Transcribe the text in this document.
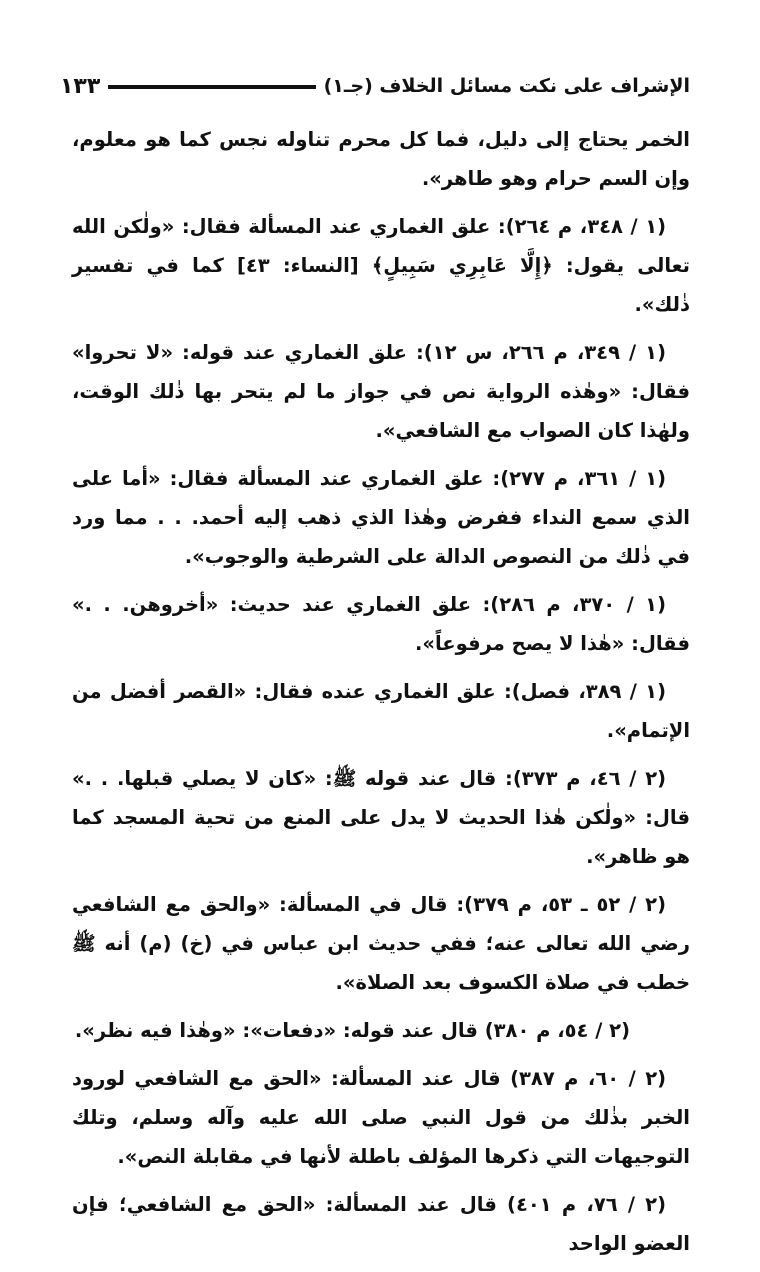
الإشراف على نكت مسائل الخلاف (جـ١)
١٣٣

الخمر يحتاج إلى دليل، فما كل محرم تناوله نجس كما هو معلوم، وإن السم حرام وهو طاهر».

(١ / ٣٤٨، م ٢٦٤): علق الغماري عند المسألة فقال: «ولٰكن الله تعالى يقول: ﴿إِلَّا عَابِرِي سَبِيلٍ﴾ [النساء: ٤٣] كما في تفسير ذٰلك».

(١ / ٣٤٩، م ٢٦٦، س ١٢): علق الغماري عند قوله: «لا تحروا» فقال: «وهٰذه الرواية نص في جواز ما لم يتحر بها ذٰلك الوقت، ولهٰذا كان الصواب مع الشافعي».

(١ / ٣٦١، م ٢٧٧): علق الغماري عند المسألة فقال: «أما على الذي سمع النداء ففرض وهٰذا الذي ذهب إليه أحمد. . . مما ورد في ذٰلك من النصوص الدالة على الشرطية والوجوب».

(١ / ٣٧٠، م ٢٨٦): علق الغماري عند حديث: «أخروهن. . .» فقال: «هٰذا لا يصح مرفوعاً».

(١ / ٣٨٩، فصل): علق الغماري عنده فقال: «القصر أفضل من الإتمام».

(٢ / ٤٦، م ٣٧٣): قال عند قوله ﷺ: «كان لا يصلي قبلها. . .» قال: «ولٰكن هٰذا الحديث لا يدل على المنع من تحية المسجد كما هو ظاهر».

(٢ / ٥٢ ـ ٥٣، م ٣٧٩): قال في المسألة: «والحق مع الشافعي رضي الله تعالى عنه؛ ففي حديث ابن عباس في (خ) (م) أنه ﷺ خطب في صلاة الكسوف بعد الصلاة».

(٢ / ٥٤، م ٣٨٠) قال عند قوله: «دفعات»: «وهٰذا فيه نظر».

(٢ / ٦٠، م ٣٨٧) قال عند المسألة: «الحق مع الشافعي لورود الخبر بذٰلك من قول النبي صلى الله عليه وآله وسلم، وتلك التوجيهات التي ذكرها المؤلف باطلة لأنها في مقابلة النص».

(٢ / ٧٦، م ٤٠١) قال عند المسألة: «الحق مع الشافعي؛ فإن العضو الواحد
